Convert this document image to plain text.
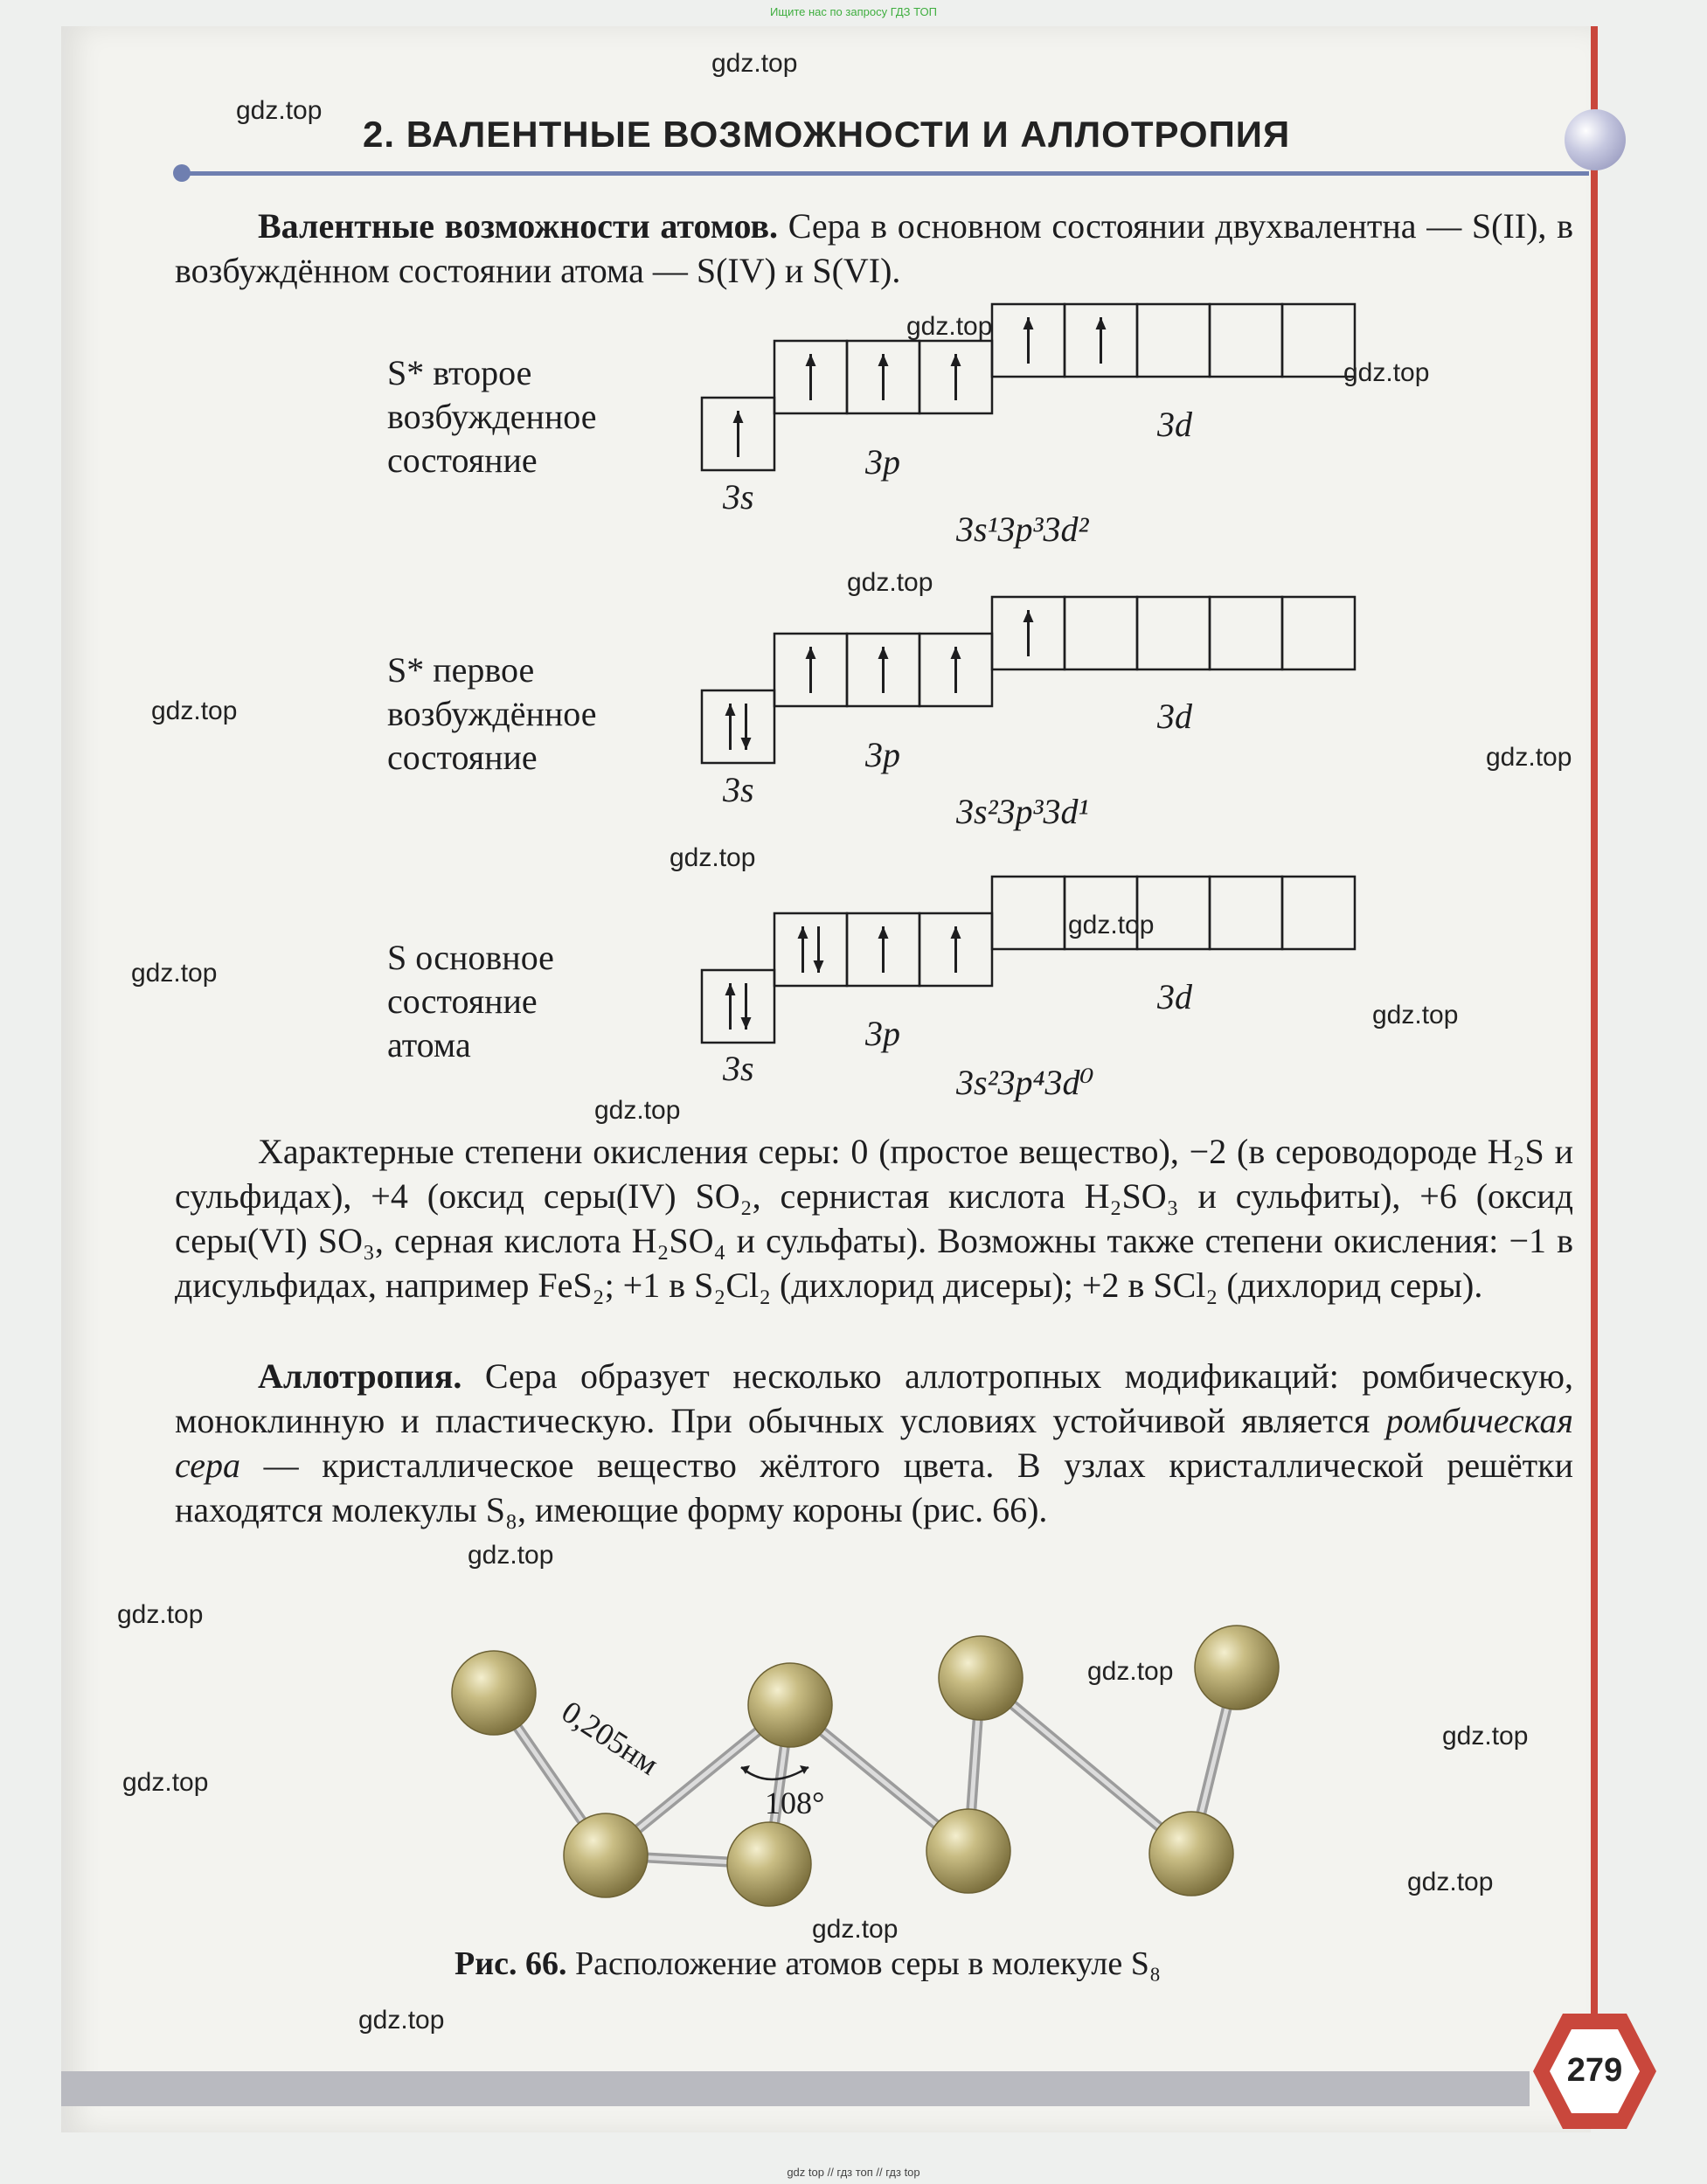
Ищите нас по запросу ГДЗ ТОП
2. ВАЛЕНТНЫЕ ВОЗМОЖНОСТИ И АЛЛОТРОПИЯ
Валентные возможности атомов. Сера в основном состоянии двухвалентна — S(II), в возбуждённом состоянии атома — S(IV) и S(VI).
S* второе
возбужденное
состояние
S* первое
возбуждённое
состояние
S основное
состояние
атома
3s
3p
3d
3s
3p
3d
3s
3p
3d
3s¹3p³3d²
3s²3p³3d¹
3s²3p⁴3d⁰
Характерные степени окисления серы: 0 (простое вещество), −2 (в сероводороде H₂S и сульфидах), +4 (оксид серы(IV) SO₂, сернистая кислота H₂SO₃ и сульфиты), +6 (оксид серы(VI) SO₃, серная кислота H₂SO₄ и сульфаты). Возможны также степени окисления: −1 в дисульфидах, например FeS₂; +1 в S₂Cl₂ (дихлорид дисеры); +2 в SCl₂ (дихлорид серы).
Аллотропия. Сера образует несколько аллотропных модификаций: ромбическую, моноклинную и пластическую. При обычных условиях устойчивой является ромбическая сера — кристаллическое вещество жёлтого цвета. В узлах кристаллической решётки находятся молекулы S₈, имеющие форму короны (рис. 66).
0,205нм
108°
Рис. 66. Расположение атомов серы в молекуле S₈
279
gdz.top
gdz.top
gdz.top
gdz.top
gdz.top
gdz.top
gdz.top
gdz.top
gdz.top
gdz.top
gdz.top
gdz.top
gdz.top
gdz.top
gdz.top
gdz.top
gdz.top
gdz.top
gdz.top
gdz.top
gdz top // гдз топ // гдз top
